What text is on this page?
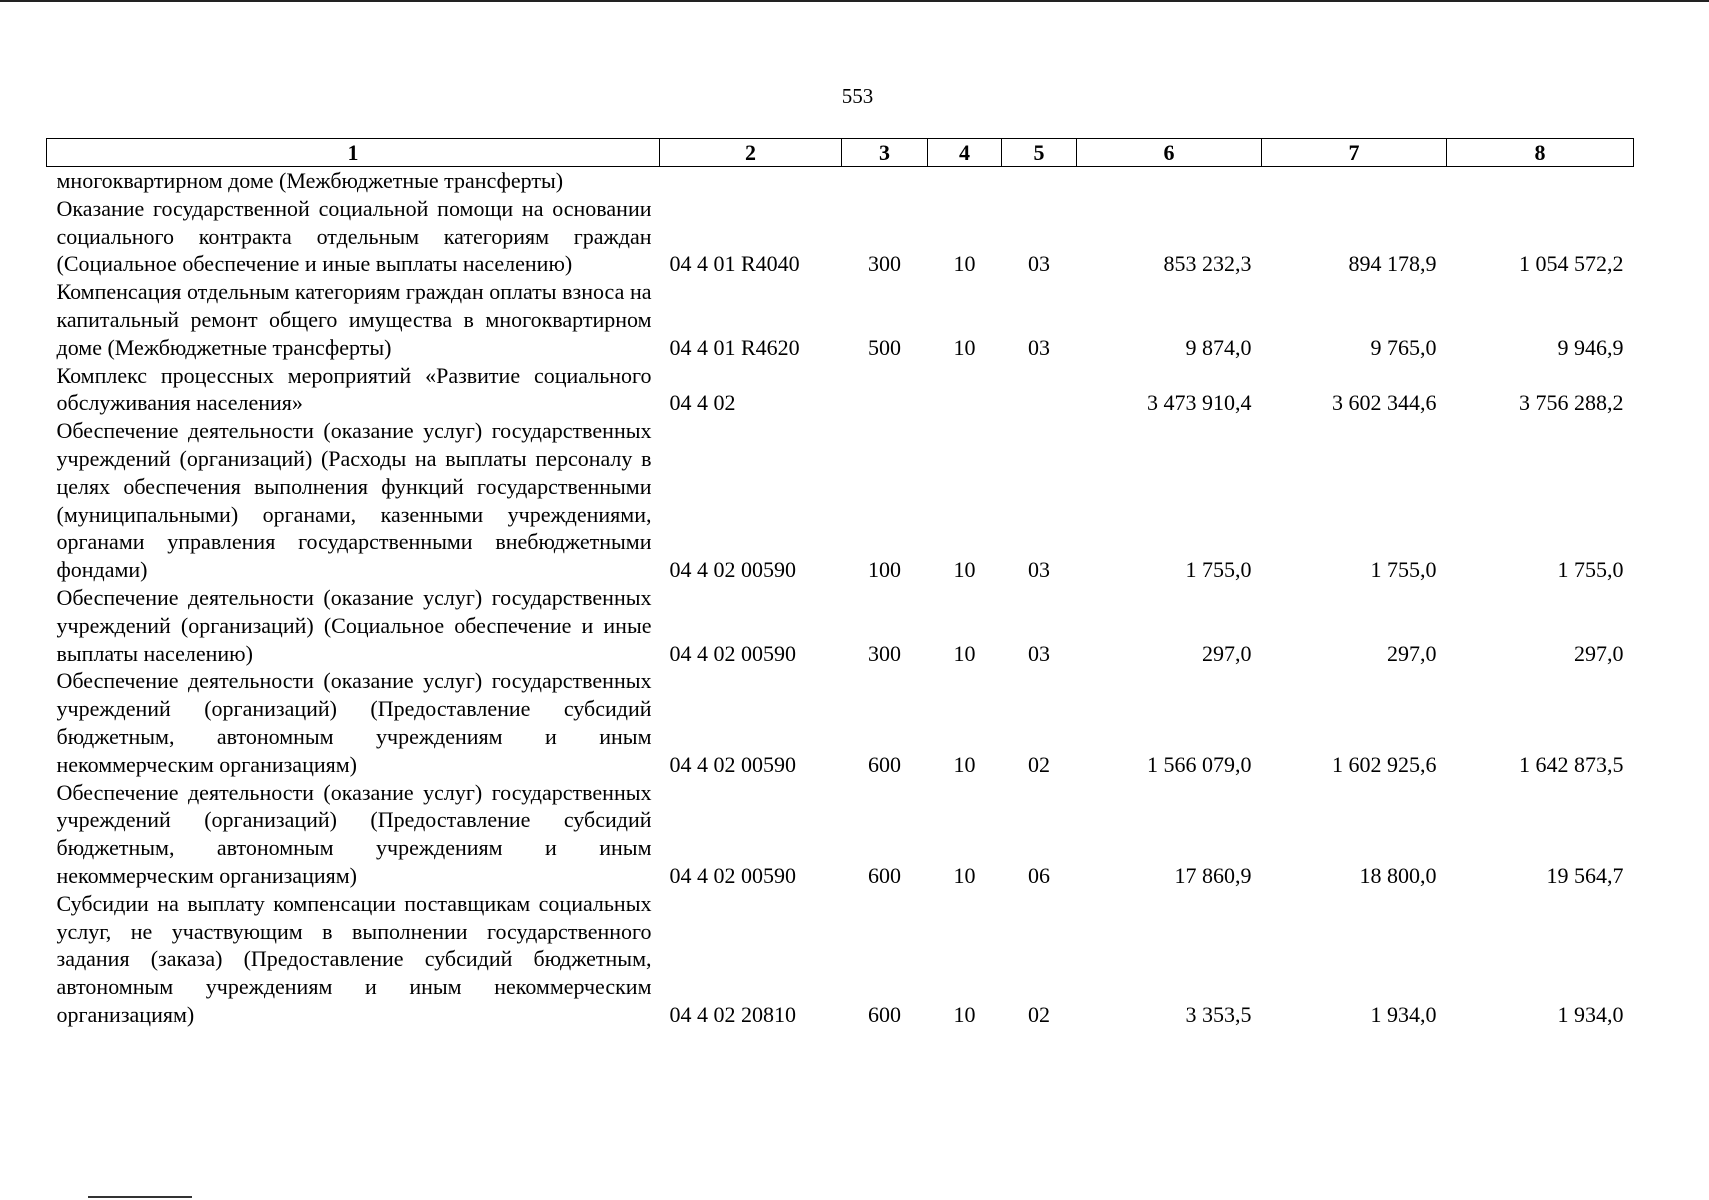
553
1	2	3	4	5	6	7	8
многоквартирном доме (Межбюджетные трансферты)							
Оказание государственной социальной помощи на основании социального контракта отдельным категориям граждан (Социальное обеспечение и иные выплаты населению)	04 4 01 R4040	300	10	03	853 232,3	894 178,9	1 054 572,2
Компенсация отдельным категориям граждан оплаты взноса на капитальный ремонт общего имущества в многоквартирном доме (Межбюджетные трансферты)	04 4 01 R4620	500	10	03	9 874,0	9 765,0	9 946,9
Комплекс процессных мероприятий «Развитие социального обслуживания населения»	04 4 02				3 473 910,4	3 602 344,6	3 756 288,2
Обеспечение деятельности (оказание услуг) государственных учреждений (организаций) (Расходы на выплаты персоналу в целях обеспечения выполнения функций государственными (муниципальными) органами, казенными учреждениями, органами управления государственными внебюджетными фондами)	04 4 02 00590	100	10	03	1 755,0	1 755,0	1 755,0
Обеспечение деятельности (оказание услуг) государственных учреждений (организаций) (Социальное обеспечение и иные выплаты населению)	04 4 02 00590	300	10	03	297,0	297,0	297,0
Обеспечение деятельности (оказание услуг) государственных учреждений (организаций) (Предоставление субсидий бюджетным, автономным учреждениям и иным некоммерческим организациям)	04 4 02 00590	600	10	02	1 566 079,0	1 602 925,6	1 642 873,5
Обеспечение деятельности (оказание услуг) государственных учреждений (организаций) (Предоставление субсидий бюджетным, автономным учреждениям и иным некоммерческим организациям)	04 4 02 00590	600	10	06	17 860,9	18 800,0	19 564,7
Субсидии на выплату компенсации поставщикам социальных услуг, не участвующим в выполнении государственного задания (заказа) (Предоставление субсидий бюджетным, автономным учреждениям и иным некоммерческим организациям)	04 4 02 20810	600	10	02	3 353,5	1 934,0	1 934,0
